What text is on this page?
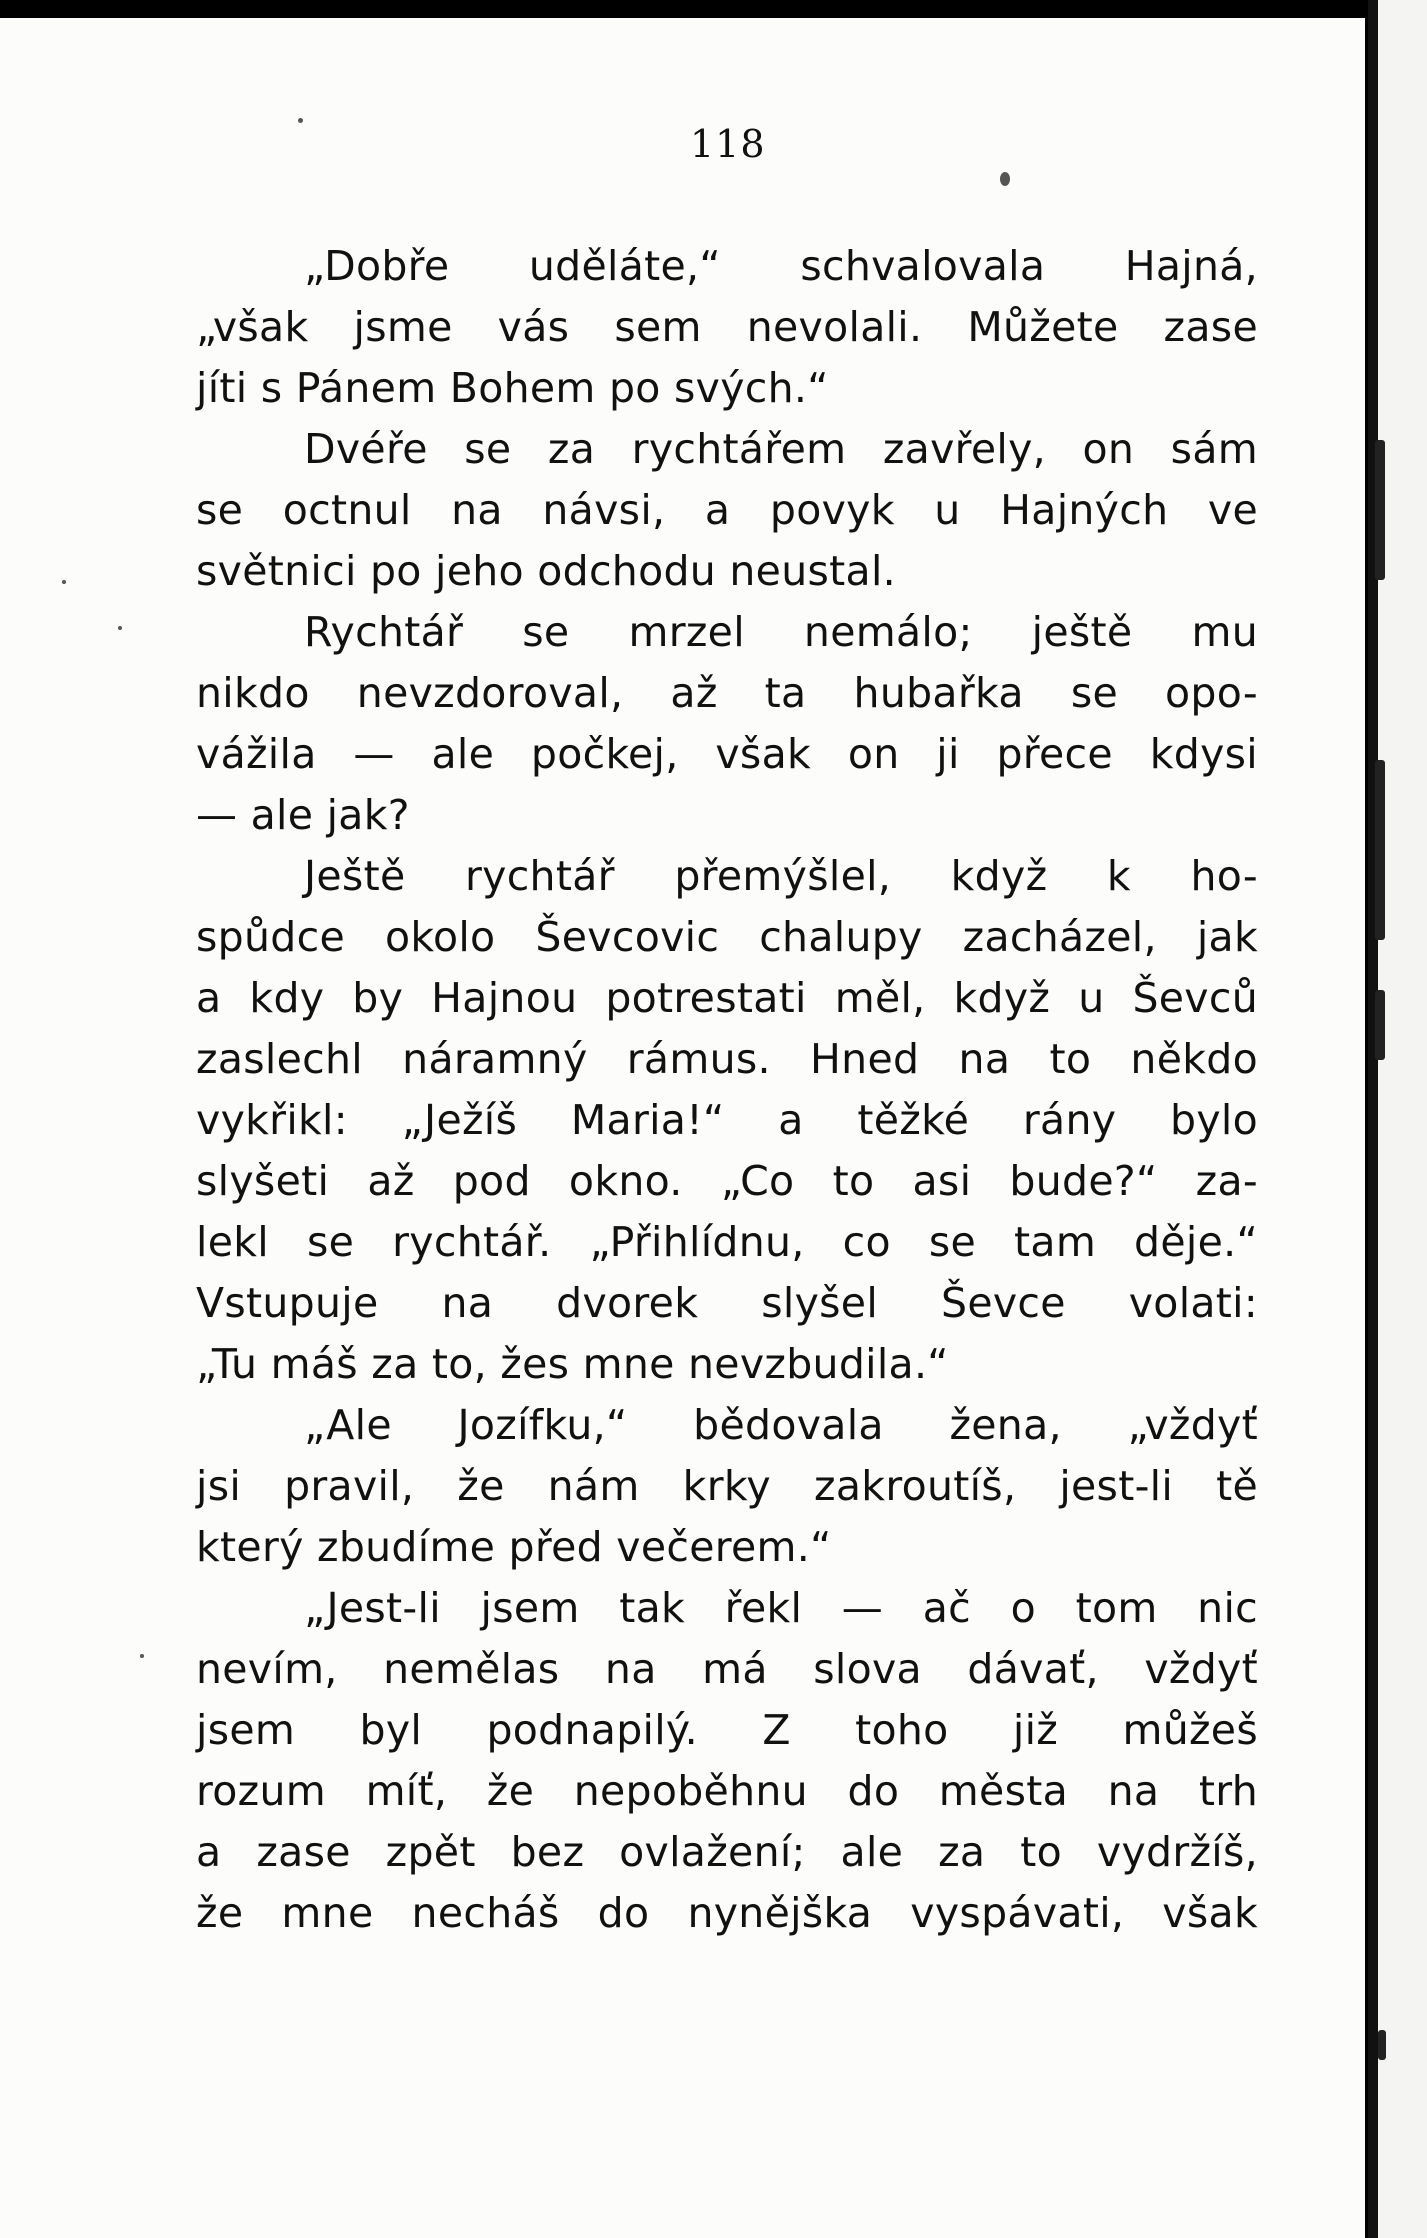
118
„Dobře uděláte,“ schvalovala Hajná,
„však jsme vás sem nevolali. Můžete zase
jíti s Pánem Bohem po svých.“
Dvéře se za rychtářem zavřely, on sám
se octnul na návsi, a povyk u Hajných ve
světnici po jeho odchodu neustal.
Rychtář se mrzel nemálo; ještě mu
nikdo nevzdoroval, až ta hubařka se opo-
vážila — ale počkej, však on ji přece kdysi
— ale jak?
Ještě rychtář přemýšlel, když k ho-
spůdce okolo Ševcovic chalupy zacházel, jak
a kdy by Hajnou potrestati měl, když u Ševců
zaslechl náramný rámus. Hned na to někdo
vykřikl: „Ježíš Maria!“ a těžké rány bylo
slyšeti až pod okno. „Co to asi bude?“ za-
lekl se rychtář. „Přihlídnu, co se tam děje.“
Vstupuje na dvorek slyšel Ševce volati:
„Tu máš za to, žes mne nevzbudila.“
„Ale Jozífku,“ bědovala žena, „vždyť
jsi pravil, že nám krky zakroutíš, jest-li tě
který zbudíme před večerem.“
„Jest-li jsem tak řekl — ač o tom nic
nevím, nemělas na má slova dávať, vždyť
jsem byl podnapilý. Z toho již můžeš
rozum míť, že nepoběhnu do města na trh
a zase zpět bez ovlažení; ale za to vydržíš,
že mne necháš do nynějška vyspávati, však
